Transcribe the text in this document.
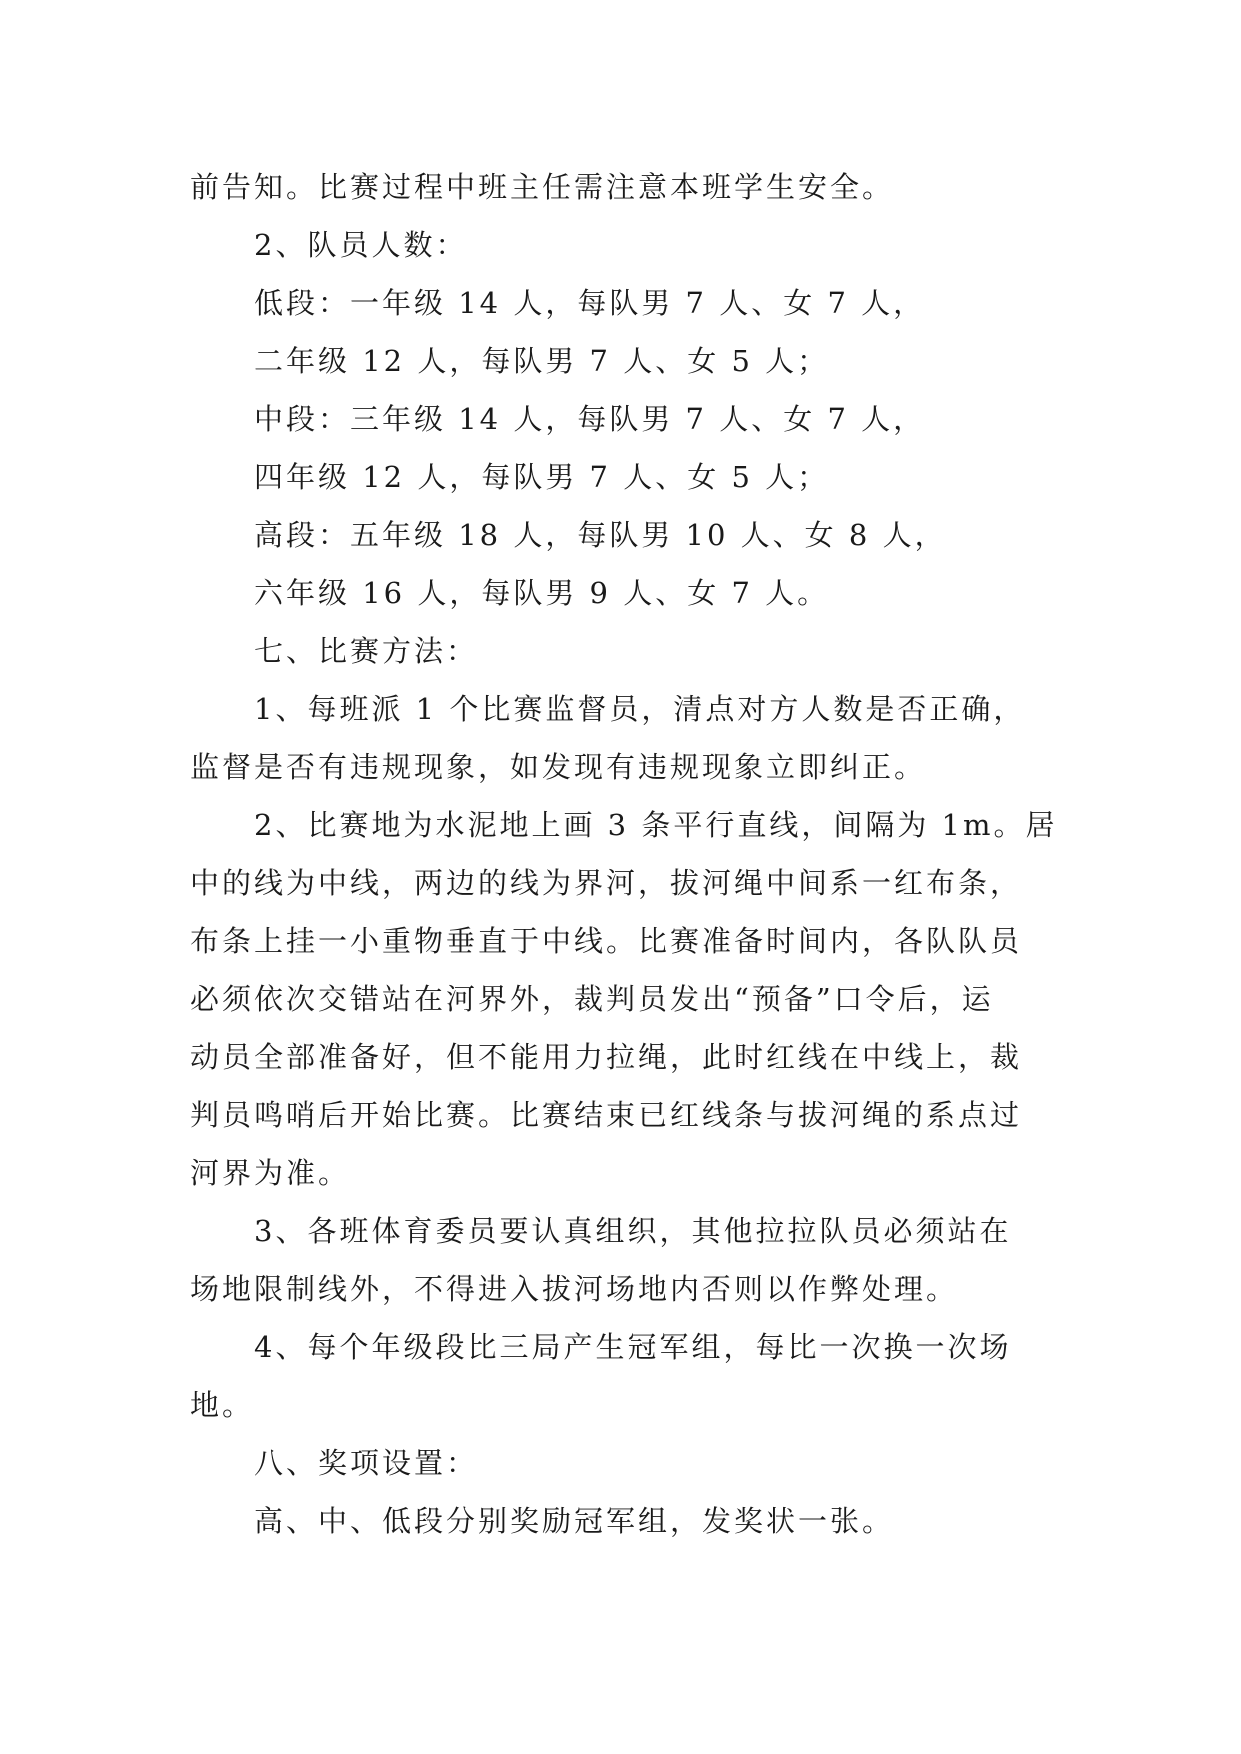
前告知。比赛过程中班主任需注意本班学生安全。
2、队员人数：
低段：一年级 14 人，每队男 7 人、女 7 人，
二年级 12 人，每队男 7 人、女 5 人；
中段：三年级 14 人，每队男 7 人、女 7 人，
四年级 12 人，每队男 7 人、女 5 人；
高段：五年级 18 人，每队男 10 人、女 8 人，
六年级 16 人，每队男 9 人、女 7 人。
七、比赛方法：
1、每班派 1 个比赛监督员，清点对方人数是否正确，
监督是否有违规现象，如发现有违规现象立即纠正。
2、比赛地为水泥地上画 3 条平行直线，间隔为 1m。居
中的线为中线，两边的线为界河，拔河绳中间系一红布条，
布条上挂一小重物垂直于中线。比赛准备时间内，各队队员
必须依次交错站在河界外，裁判员发出“预备”口令后，运
动员全部准备好，但不能用力拉绳，此时红线在中线上，裁
判员鸣哨后开始比赛。比赛结束已红线条与拔河绳的系点过
河界为准。
3、各班体育委员要认真组织，其他拉拉队员必须站在
场地限制线外，不得进入拔河场地内否则以作弊处理。
4、每个年级段比三局产生冠军组，每比一次换一次场
地。
八、奖项设置：
高、中、低段分别奖励冠军组，发奖状一张。
